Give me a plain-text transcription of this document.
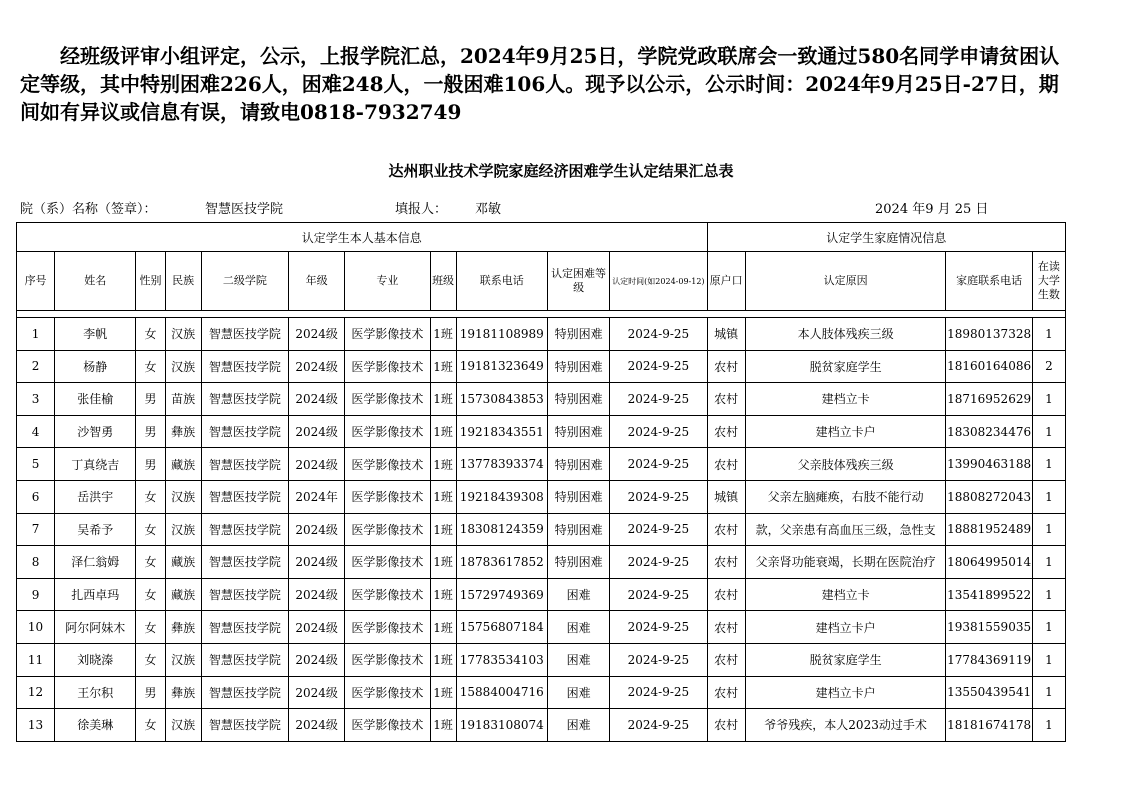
经班级评审小组评定，公示，上报学院汇总，2024年9月25日，学院党政联席会一致通过580名同学申请贫困认定等级，其中特别困难226人，困难248人，一般困难106人。现予以公示，公示时间：2024年9月25日-27日，期间如有异议或信息有误，请致电0818-7932749

达州职业技术学院家庭经济困难学生认定结果汇总表
院（系）名称（签章）：	智慧医技学院	填报人： 邓敏	2024 年9 月 25 日
认定学生本人基本信息											认定学生家庭情况信息			
序号	姓名	性别	民族	二级学院	年级	专业	班级	联系电话	认定困难等级	认定时间(如2024-09-12)	原户口	认定原因	家庭联系电话	在读大学生数

1	李帆	女	汉族	智慧医技学院	2024级	医学影像技术	1班	19181108989	特别困难	2024-9-25	城镇	本人肢体残疾三级	18980137328	1
2	杨静	女	汉族	智慧医技学院	2024级	医学影像技术	1班	19181323649	特别困难	2024-9-25	农村	脱贫家庭学生	18160164086	2
3	张佳榆	男	苗族	智慧医技学院	2024级	医学影像技术	1班	15730843853	特别困难	2024-9-25	农村	建档立卡	18716952629	1
4	沙智勇	男	彝族	智慧医技学院	2024级	医学影像技术	1班	19218343551	特别困难	2024-9-25	农村	建档立卡户	18308234476	1
5	丁真绕吉	男	藏族	智慧医技学院	2024级	医学影像技术	1班	13778393374	特别困难	2024-9-25	农村	父亲肢体残疾三级	13990463188	1
6	岳洪宇	女	汉族	智慧医技学院	2024年	医学影像技术	1班	19218439308	特别困难	2024-9-25	城镇	父亲左脑瘫痪，右肢不能行动	18808272043	1
7	吴希予	女	汉族	智慧医技学院	2024级	医学影像技术	1班	18308124359	特别困难	2024-9-25	农村	款，父亲患有高血压三级，急性支	18881952489	1
8	泽仁翁姆	女	藏族	智慧医技学院	2024级	医学影像技术	1班	18783617852	特别困难	2024-9-25	农村	父亲肾功能衰竭，长期在医院治疗	18064995014	1
9	扎西卓玛	女	藏族	智慧医技学院	2024级	医学影像技术	1班	15729749369	困难	2024-9-25	农村	建档立卡	13541899522	1
10	阿尔阿妹木	女	彝族	智慧医技学院	2024级	医学影像技术	1班	15756807184	困难	2024-9-25	农村	建档立卡户	19381559035	1
11	刘晓溱	女	汉族	智慧医技学院	2024级	医学影像技术	1班	17783534103	困难	2024-9-25	农村	脱贫家庭学生	17784369119	1
12	王尔积	男	彝族	智慧医技学院	2024级	医学影像技术	1班	15884004716	困难	2024-9-25	农村	建档立卡户	13550439541	1
13	徐美琳	女	汉族	智慧医技学院	2024级	医学影像技术	1班	19183108074	困难	2024-9-25	农村	爷爷残疾，本人2023动过手术	18181674178	1
